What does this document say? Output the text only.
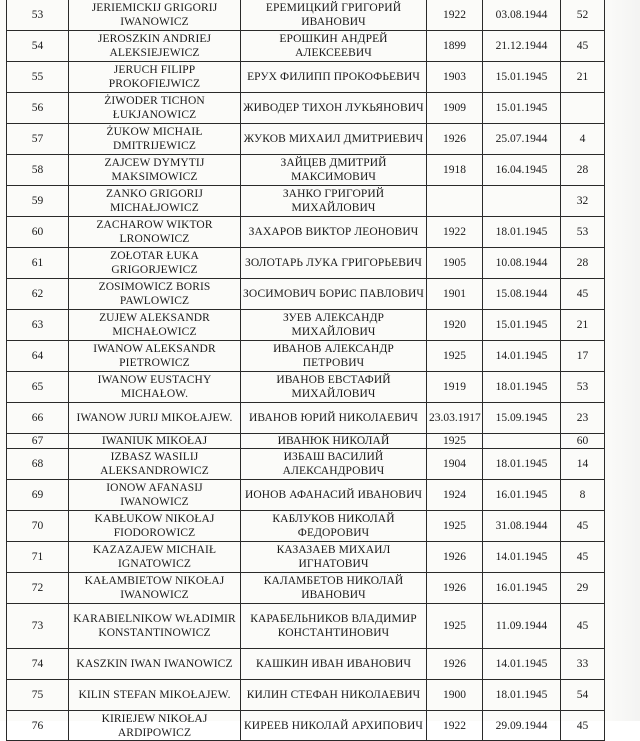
53	JERIEMICKIJ GRIGORIJ IWANOWICZ	ЕРЕМИЦКИЙ ГРИГОРИЙ ИВАНОВИЧ	1922	03.08.1944	52
54	JEROSZKIN ANDRIEJ ALEKSIEJEWICZ	ЕРОШКИН АНДРЕЙ АЛЕКСЕЕВИЧ	1899	21.12.1944	45
55	JERUCH FILIPP PROKOFIEJWICZ	ЕРУХ ФИЛИПП ПРОКОФЬЕВИЧ	1903	15.01.1945	21
56	ŻIWODER TICHON ŁUKJANOWICZ	ЖИВОДЕР ТИХОН ЛУКЬЯНОВИЧ	1909	15.01.1945	
57	ŻUKOW MICHAIŁ DMITRIJEWICZ	ЖУКОВ МИХАИЛ ДМИТРИЕВИЧ	1926	25.07.1944	4
58	ZAJCEW DYMYTIJ MAKSIMOWICZ	ЗАЙЦЕВ ДМИТРИЙ МАКСИМОВИЧ	1918	16.04.1945	28
59	ZANKO GRIGORIJ MICHAŁJOWICZ	ЗАНКО ГРИГОРИЙ МИХАЙЛОВИЧ			32
60	ZACHAROW WIKTOR LRONOWICZ	ЗАХАРОВ ВИКТОР ЛЕОНОВИЧ	1922	18.01.1945	53
61	ZOŁOTAR ŁUKA GRIGORJEWICZ	ЗОЛОТАРЬ ЛУКА ГРИГОРЬЕВИЧ	1905	10.08.1944	28
62	ZOSIMOWICZ BORIS PAWLOWICZ	ЗОСИМОВИЧ БОРИС ПАВЛОВИЧ	1901	15.08.1944	45
63	ZUJEW ALEKSANDR MICHAŁOWICZ	ЗУЕВ АЛЕКСАНДР МИХАЙЛОВИЧ	1920	15.01.1945	21
64	IWANOW ALEKSANDR PIETROWICZ	ИВАНОВ АЛЕКСАНДР ПЕТРОВИЧ	1925	14.01.1945	17
65	IWANOW EUSTACHY MICHAŁOW.	ИВАНОВ ЕВСТАФИЙ МИХАЙЛОВИЧ	1919	18.01.1945	53
66	IWANOW JURIJ MIKOŁAJEW.	ИВАНОВ ЮРИЙ НИКОЛАЕВИЧ	23.03.1917	15.09.1945	23
67	IWANIUK MIKOŁAJ	ИВАНЮК НИКОЛАЙ	1925		60
68	IZBASZ WASILIJ ALEKSANDROWICZ	ИЗБАШ ВАСИЛИЙ АЛЕКСАНДРОВИЧ	1904	18.01.1945	14
69	IONOW AFANASIJ IWANOWICZ	ИОНОВ АФАНАСИЙ ИВАНОВИЧ	1924	16.01.1945	8
70	KABŁUKOW NIKOŁAJ FIODOROWICZ	КАБЛУКОВ НИКОЛАЙ ФЕДОРОВИЧ	1925	31.08.1944	45
71	KAZAZAJEW MICHAIŁ IGNATOWICZ	КАЗАЗАЕВ МИХАИЛ ИГНАТОВИЧ	1926	14.01.1945	45
72	KAŁAMBIETOW NIKOŁAJ IWANOWICZ	КАЛАМБЕТОВ НИКОЛАЙ ИВАНОВИЧ	1926	16.01.1945	29
73	KARABIELNIKOW WŁADIMIR KONSTANTINOWICZ	КАРАБЕЛЬНИКОВ ВЛАДИМИР КОНСТАНТИНОВИЧ	1925	11.09.1944	45
74	KASZKIN IWAN IWANOWICZ	КАШКИН ИВАН ИВАНОВИЧ	1926	14.01.1945	33
75	KILIN STEFAN MIKOŁAJEW.	КИЛИН СТЕФАН НИКОЛАЕВИЧ	1900	18.01.1945	54
76	KIRIEJEW NIKOŁAJ ARDIPOWICZ	КИРЕЕВ НИКОЛАЙ АРХИПОВИЧ	1922	29.09.1944	45
